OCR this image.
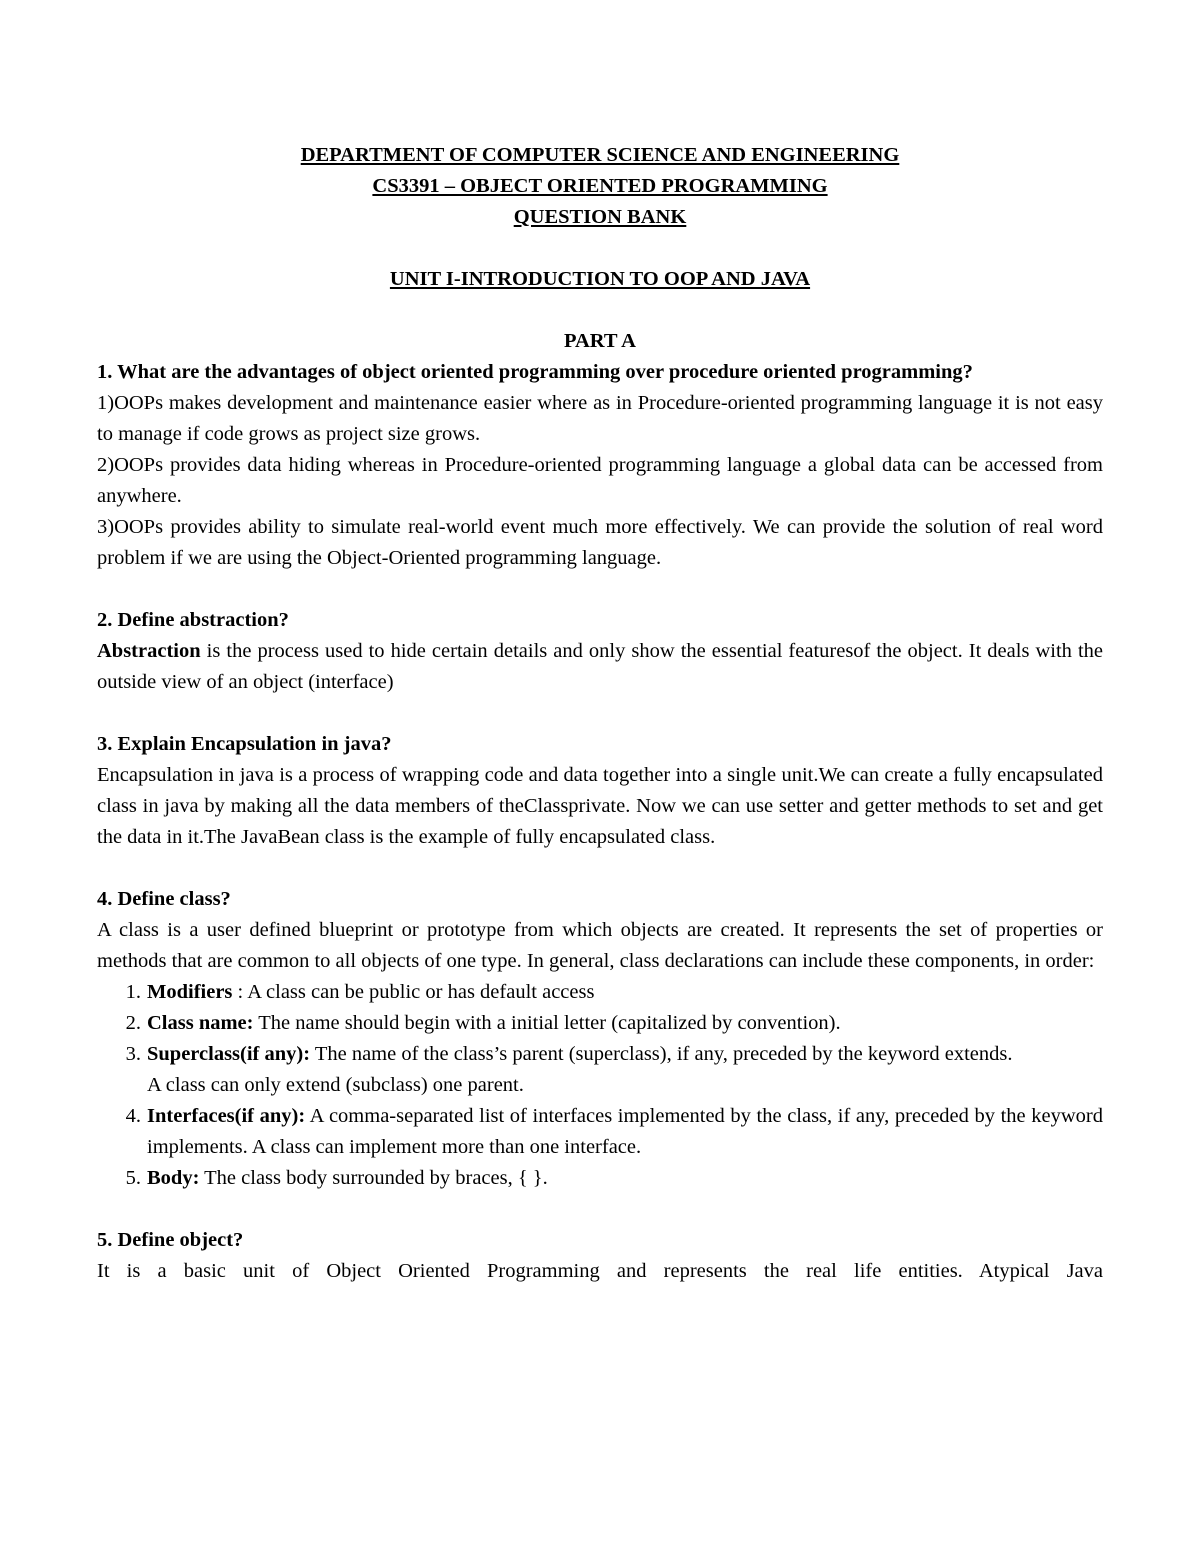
DEPARTMENT OF COMPUTER SCIENCE AND ENGINEERING
CS3391 – OBJECT ORIENTED PROGRAMMING
QUESTION BANK
UNIT I-INTRODUCTION TO OOP AND JAVA
PART A
1. What are the advantages of object oriented programming over procedure oriented programming?
1)OOPs makes development and maintenance easier where as in Procedure-oriented programming language it is not easy to manage if code grows as project size grows.
2)OOPs provides data hiding whereas in Procedure-oriented programming language a global data can be accessed from anywhere.
3)OOPs provides ability to simulate real-world event much more effectively. We can provide the solution of real word problem if we are using the Object-Oriented programming language.
2. Define abstraction?
Abstraction is the process used to hide certain details and only show the essential featuresof the object. It deals with the outside view of an object (interface)
3. Explain Encapsulation in java?
Encapsulation in java is a process of wrapping code and data together into a single unit.We can create a fully encapsulated class in java by making all the data members of theClassprivate. Now we can use setter and getter methods to set and get the data in it.The JavaBean class is the example of fully encapsulated class.
4. Define class?
A class is a user defined blueprint or prototype from which objects are created. It represents the set of properties or methods that are common to all objects of one type. In general, class declarations can include these components, in order:
1. Modifiers : A class can be public or has default access
2. Class name: The name should begin with a initial letter (capitalized by convention).
3. Superclass(if any): The name of the class’s parent (superclass), if any, preceded by the keyword extends.
A class can only extend (subclass) one parent.
4. Interfaces(if any): A comma-separated list of interfaces implemented by the class, if any, preceded by the keyword implements. A class can implement more than one interface.
5. Body: The class body surrounded by braces, { }.
5. Define object?
It is a basic unit of Object Oriented Programming and represents the real life entities. Atypical Java
